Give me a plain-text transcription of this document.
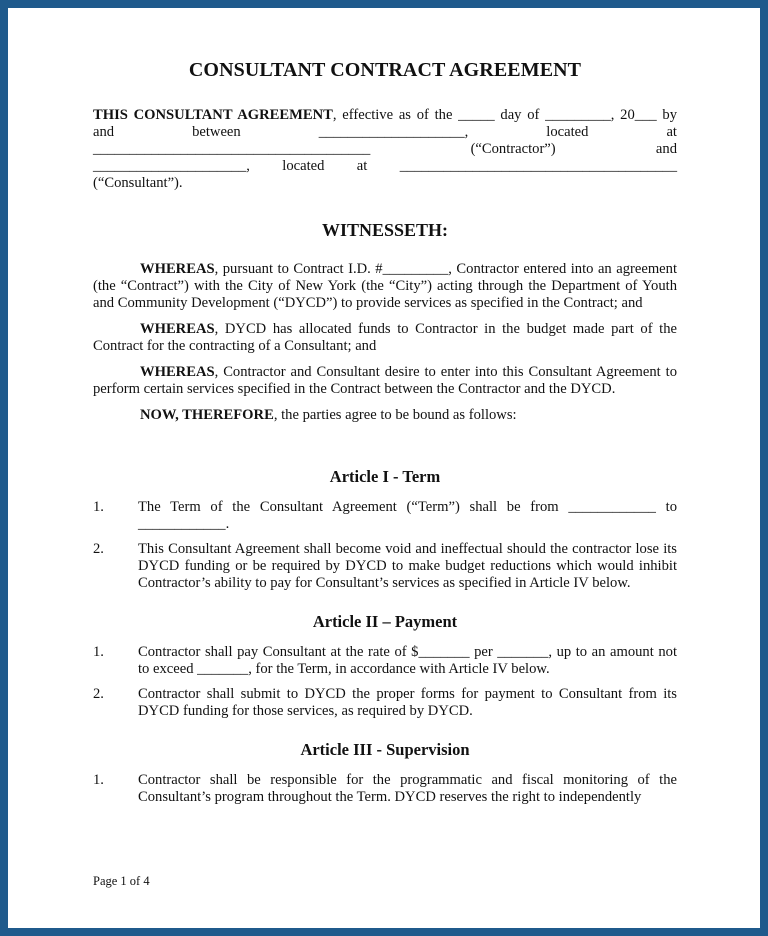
CONSULTANT CONTRACT AGREEMENT

THIS CONSULTANT AGREEMENT, effective as of the _____ day of _________, 20___ by

and between ____________________, located at

______________________________________ (“Contractor”) and

_____________________, located at ______________________________________

(“Consultant”).

WITNESSETH:

WHEREAS, pursuant to Contract I.D. #_________, Contractor entered into an agreement (the “Contract”) with the City of New York (the “City”) acting through the Department of Youth and Community Development (“DYCD”) to provide services as specified in the Contract; and

WHEREAS, DYCD has allocated funds to Contractor in the budget made part of the Contract for the contracting of a Consultant; and

WHEREAS, Contractor and Consultant desire to enter into this Consultant Agreement to perform certain services specified in the Contract between the Contractor and the DYCD.

NOW, THEREFORE, the parties agree to be bound as follows:

Article I - Term
1.	The Term of the Consultant Agreement (“Term”) shall be from ____________ to ____________.
2.	This Consultant Agreement shall become void and ineffectual should the contractor lose its DYCD funding or be required by DYCD to make budget reductions which would inhibit Contractor’s ability to pay for Consultant’s services as specified in Article IV below.
Article II – Payment
1.	Contractor shall pay Consultant at the rate of $_______ per _______, up to an amount not to exceed _______, for the Term, in accordance with Article IV below.
2.	Contractor shall submit to DYCD the proper forms for payment to Consultant from its DYCD funding for those services, as required by DYCD.
Article III - Supervision
1.	Contractor shall be responsible for the programmatic and fiscal monitoring of the Consultant’s program throughout the Term. DYCD reserves the right to independently
Page 1 of 4
